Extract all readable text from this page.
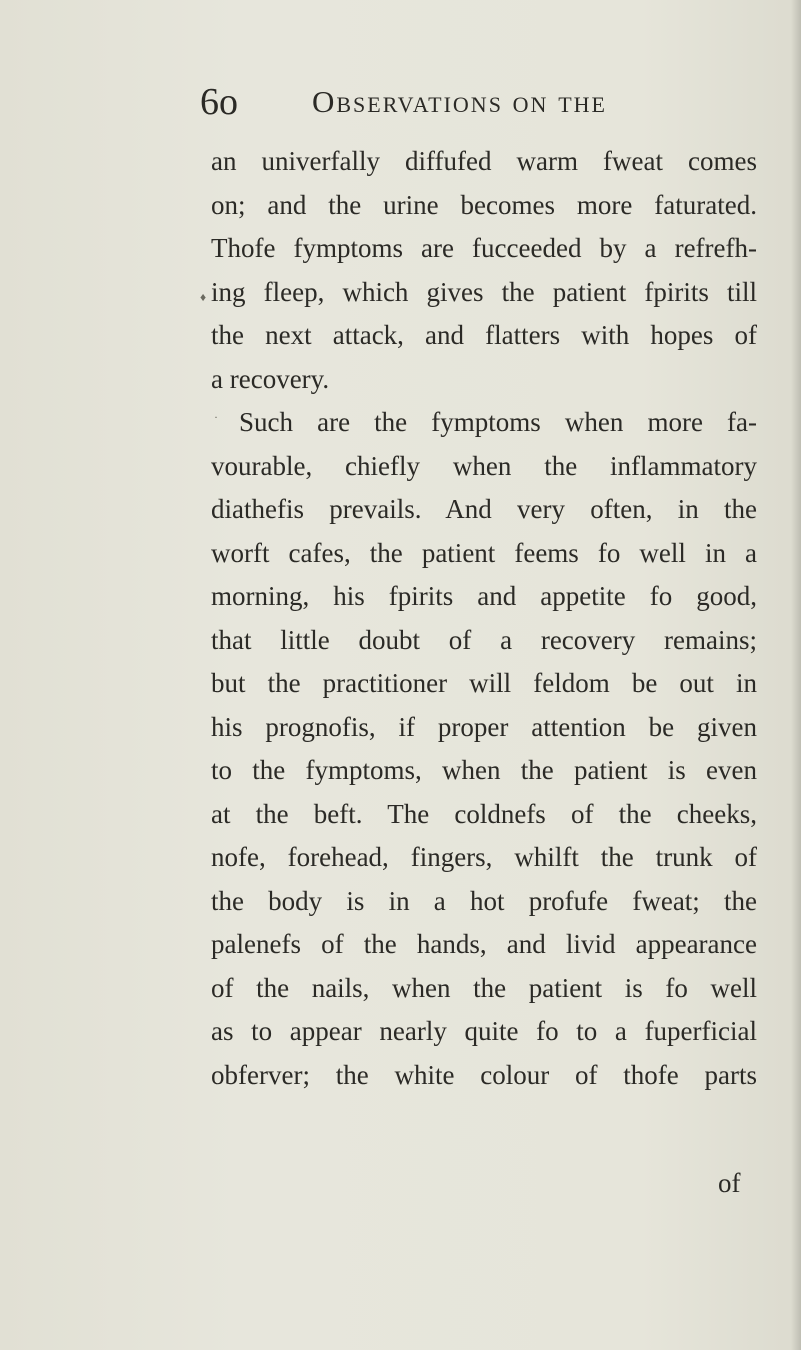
6o Observations on the
an univerfally diffufed warm fweat comes
on; and the urine becomes more faturated.
Thofe fymptoms are fucceeded by a refrefh-
ing fleep, which gives the patient fpirits till
the next attack, and flatters with hopes of
a recovery.
Such are the fymptoms when more fa-
vourable, chiefly when the inflammatory
diathefis prevails. And very often, in the
worft cafes, the patient feems fo well in a
morning, his fpirits and appetite fo good,
that little doubt of a recovery remains;
but the practitioner will feldom be out in
his prognofis, if proper attention be given
to the fymptoms, when the patient is even
at the beft. The coldnefs of the cheeks,
nofe, forehead, fingers, whilft the trunk of
the body is in a hot profufe fweat; the
palenefs of the hands, and livid appearance
of the nails, when the patient is fo well
as to appear nearly quite fo to a fuperficial
obferver; the white colour of thofe parts
of
♦
·
